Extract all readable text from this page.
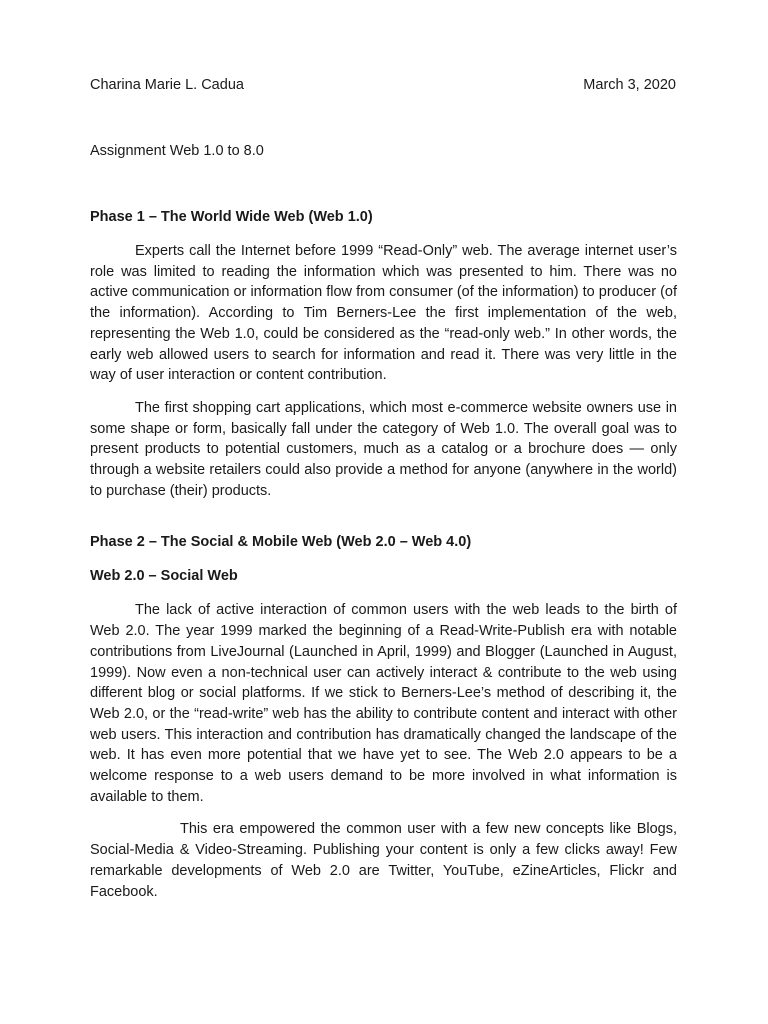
Charina Marie L. Cadua	March 3, 2020
Assignment Web 1.0 to 8.0

Phase 1 – The World Wide Web (Web 1.0)

Experts call the Internet before 1999 “Read-Only” web. The average internet user’s role was limited to reading the information which was presented to him. There was no active communication or information flow from consumer (of the information) to producer (of the information). According to Tim Berners-Lee the first implementation of the web, representing the Web 1.0, could be considered as the “read-only web.” In other words, the early web allowed users to search for information and read it. There was very little in the way of user interaction or content contribution.

The first shopping cart applications, which most e-commerce website owners use in some shape or form, basically fall under the category of Web 1.0. The overall goal was to present products to potential customers, much as a catalog or a brochure does — only through a website retailers could also provide a method for anyone (anywhere in the world) to purchase (their) products.

Phase 2 – The Social & Mobile Web (Web 2.0 – Web 4.0)

Web 2.0 – Social Web

The lack of active interaction of common users with the web leads to the birth of Web 2.0. The year 1999 marked the beginning of a Read-Write-Publish era with notable contributions from LiveJournal (Launched in April, 1999) and Blogger (Launched in August, 1999). Now even a non-technical user can actively interact & contribute to the web using different blog or social platforms. If we stick to Berners-Lee’s method of describing it, the Web 2.0, or the “read-write” web has the ability to contribute content and interact with other web users. This interaction and contribution has dramatically changed the landscape of the web. It has even more potential that we have yet to see. The Web 2.0 appears to be a welcome response to a web users demand to be more involved in what information is available to them.

This era empowered the common user with a few new concepts like Blogs, Social-Media & Video-Streaming. Publishing your content is only a few clicks away! Few remarkable developments of Web 2.0 are Twitter, YouTube, eZineArticles, Flickr and Facebook.
